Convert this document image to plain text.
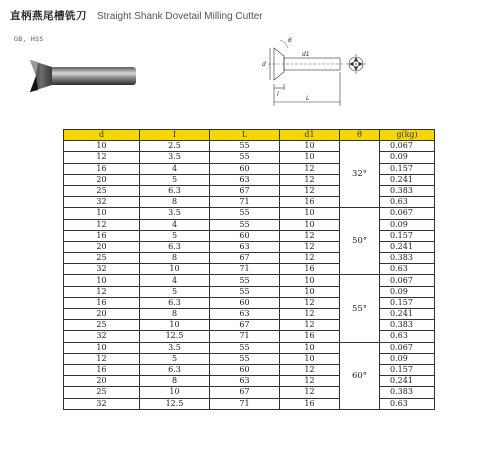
直柄燕尾槽铣刀 Straight Shank Dovetail Milling Cutter
GB, HSS
d
θ
d1
l
L
d	I	L	d1	θ	g(kg)
10	2.5	55	10	32°	0.067
12	3.5	55	10		0.09
16	4	60	12		0.157
20	5	63	12		0.241
25	6.3	67	12		0.383
32	8	71	16		0.63
10	3.5	55	10	50°	0.067
12	4	55	10		0.09
16	5	60	12		0.157
20	6.3	63	12		0.241
25	8	67	12		0.383
32	10	71	16		0.63
10	4	55	10	55°	0.067
12	5	55	10		0.09
16	6.3	60	12		0.157
20	8	63	12		0.241
25	10	67	12		0.383
32	12.5	71	16		0.63
10	3.5	55	10	60°	0.067
12	5	55	10		0.09
16	6.3	60	12		0.157
20	8	63	12		0.241
25	10	67	12		0.383
32	12.5	71	16		0.63
